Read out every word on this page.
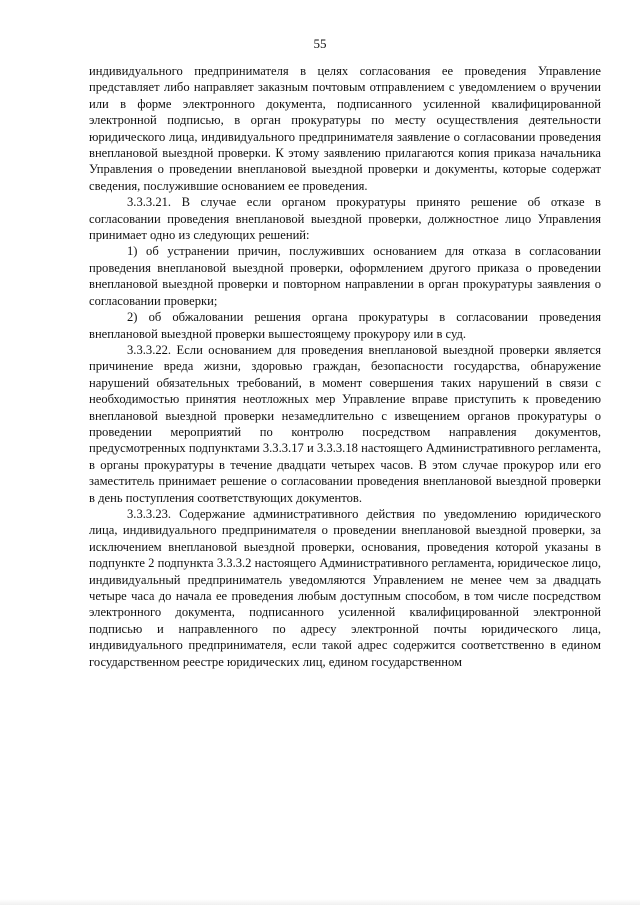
55

индивидуального предпринимателя в целях согласования ее проведения Управление представляет либо направляет заказным почтовым отправлением с уведомлением о вручении или в форме электронного документа, подписанного усиленной квалифицированной электронной подписью, в орган прокуратуры по месту осуществления деятельности юридического лица, индивидуального предпринимателя заявление о согласовании проведения внеплановой выездной проверки. К этому заявлению прилагаются копия приказа начальника Управления о проведении внеплановой выездной проверки и документы, которые содержат сведения, послужившие основанием ее проведения.

3.3.3.21. В случае если органом прокуратуры принято решение об отказе в согласовании проведения внеплановой выездной проверки, должностное лицо Управления принимает одно из следующих решений:

1) об устранении причин, послуживших основанием для отказа в согласовании проведения внеплановой выездной проверки, оформлением другого приказа о проведении внеплановой выездной проверки и повторном направлении в орган прокуратуры заявления о согласовании проверки;

2) об обжаловании решения органа прокуратуры в согласовании проведения внеплановой выездной проверки вышестоящему прокурору или в суд.

3.3.3.22. Если основанием для проведения внеплановой выездной проверки является причинение вреда жизни, здоровью граждан, безопасности государства, обнаружение нарушений обязательных требований, в момент совершения таких нарушений в связи с необходимостью принятия неотложных мер Управление вправе приступить к проведению внеплановой выездной проверки незамедлительно с извещением органов прокуратуры о проведении мероприятий по контролю посредством направления документов, предусмотренных подпунктами 3.3.3.17 и 3.3.3.18 настоящего Административного регламента, в органы прокуратуры в течение двадцати четырех часов. В этом случае прокурор или его заместитель принимает решение о согласовании проведения внеплановой выездной проверки в день поступления соответствующих документов.

3.3.3.23. Содержание административного действия по уведомлению юридического лица, индивидуального предпринимателя о проведении внеплановой выездной проверки, за исключением внеплановой выездной проверки, основания, проведения которой указаны в подпункте 2 подпункта 3.3.3.2 настоящего Административного регламента, юридическое лицо, индивидуальный предприниматель уведомляются Управлением не менее чем за двадцать четыре часа до начала ее проведения любым доступным способом, в том числе посредством электронного документа, подписанного усиленной квалифицированной электронной подписью и направленного по адресу электронной почты юридического лица, индивидуального предпринимателя, если такой адрес содержится соответственно в едином государственном реестре юридических лиц, едином государственном
